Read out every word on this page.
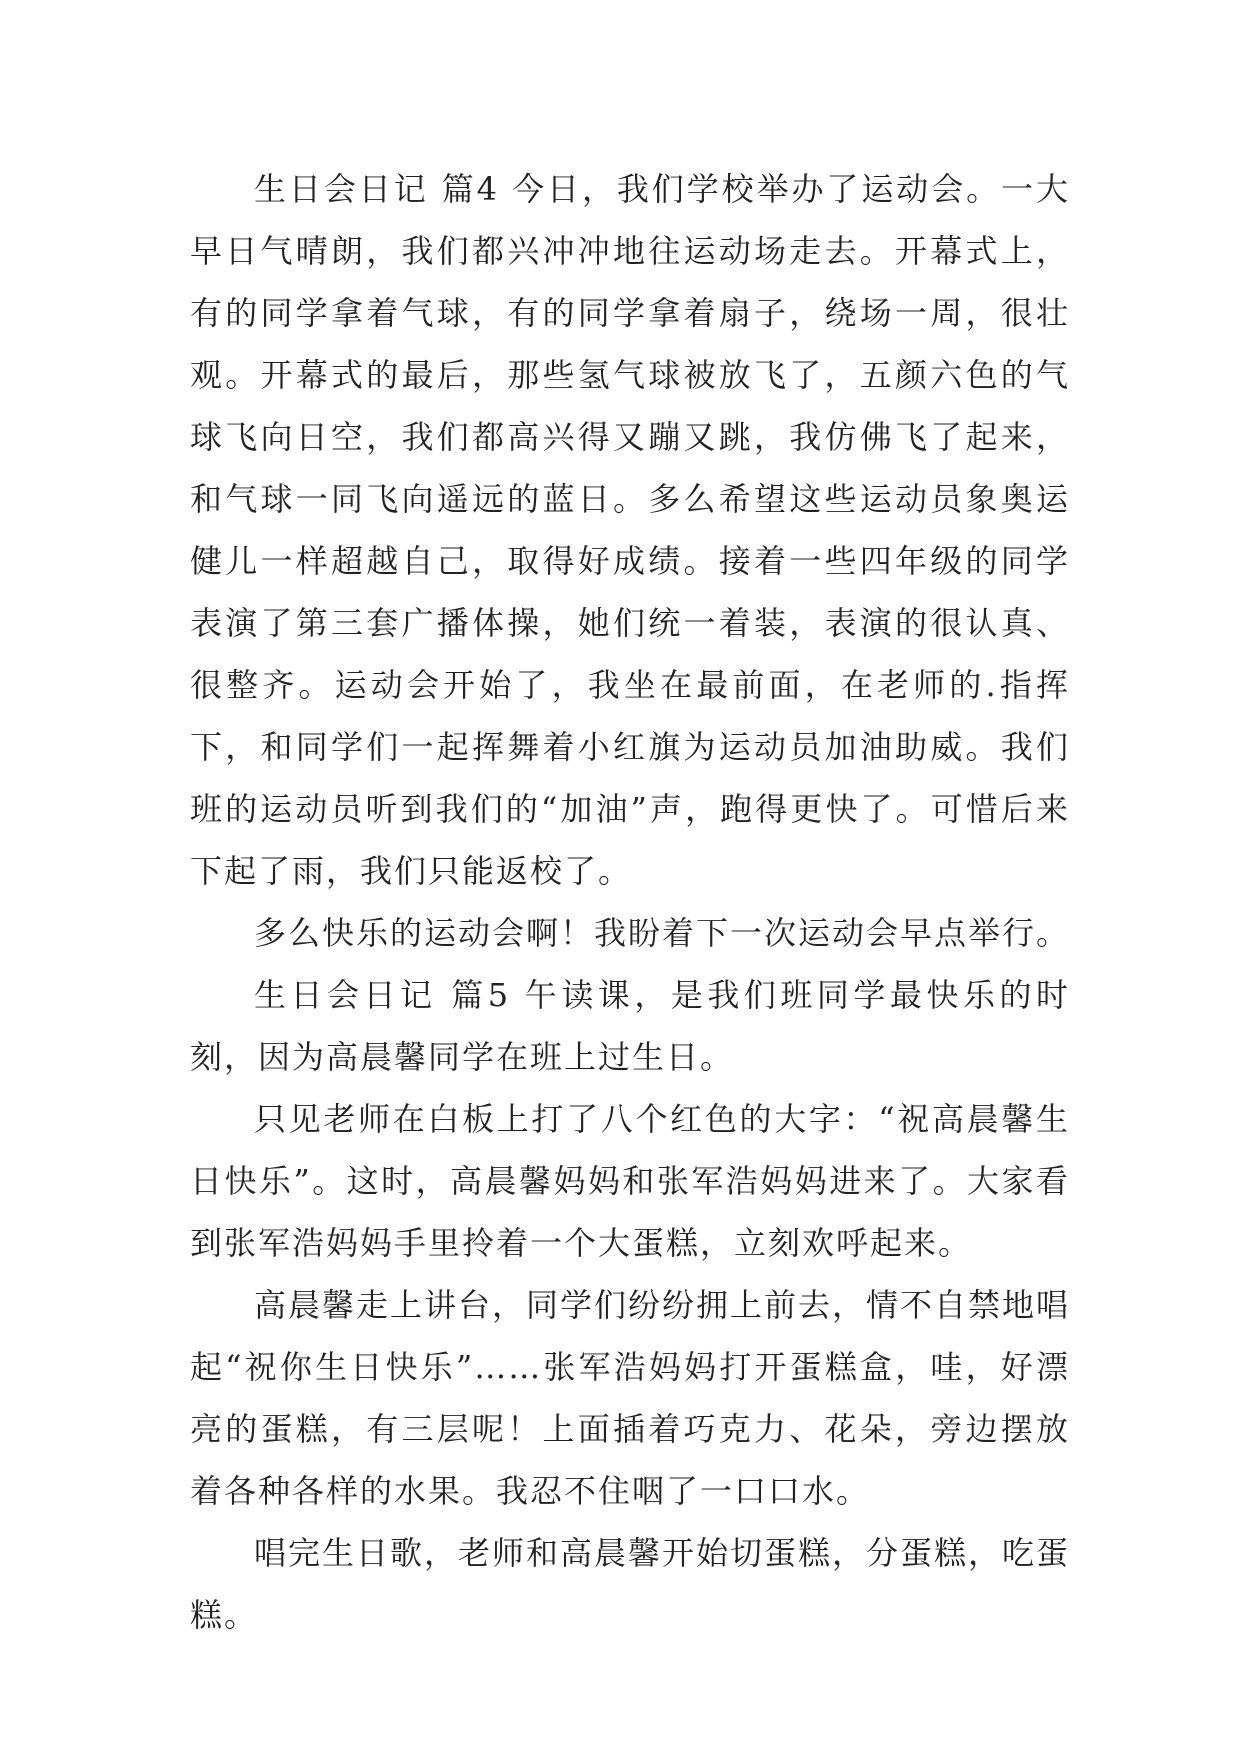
生日会日记 篇4 今日，我们学校举办了运动会。一大早日气晴朗，我们都兴冲冲地往运动场走去。开幕式上，有的同学拿着气球，有的同学拿着扇子，绕场一周，很壮观。开幕式的最后，那些氢气球被放飞了，五颜六色的气球飞向日空，我们都高兴得又蹦又跳，我仿佛飞了起来，和气球一同飞向遥远的蓝日。多么希望这些运动员象奥运健儿一样超越自己，取得好成绩。接着一些四年级的同学表演了第三套广播体操，她们统一着装，表演的很认真、很整齐。运动会开始了，我坐在最前面，在老师的.指挥下，和同学们一起挥舞着小红旗为运动员加油助威。我们班的运动员听到我们的“加油”声，跑得更快了。可惜后来下起了雨，我们只能返校了。

多么快乐的运动会啊！我盼着下一次运动会早点举行。

生日会日记 篇5 午读课，是我们班同学最快乐的时刻，因为高晨馨同学在班上过生日。

只见老师在白板上打了八个红色的大字：“祝高晨馨生日快乐”。这时，高晨馨妈妈和张军浩妈妈进来了。大家看到张军浩妈妈手里拎着一个大蛋糕，立刻欢呼起来。

高晨馨走上讲台，同学们纷纷拥上前去，情不自禁地唱起“祝你生日快乐”……张军浩妈妈打开蛋糕盒，哇，好漂亮的蛋糕，有三层呢！上面插着巧克力、花朵，旁边摆放着各种各样的水果。我忍不住咽了一口口水。

唱完生日歌，老师和高晨馨开始切蛋糕，分蛋糕，吃蛋糕。
